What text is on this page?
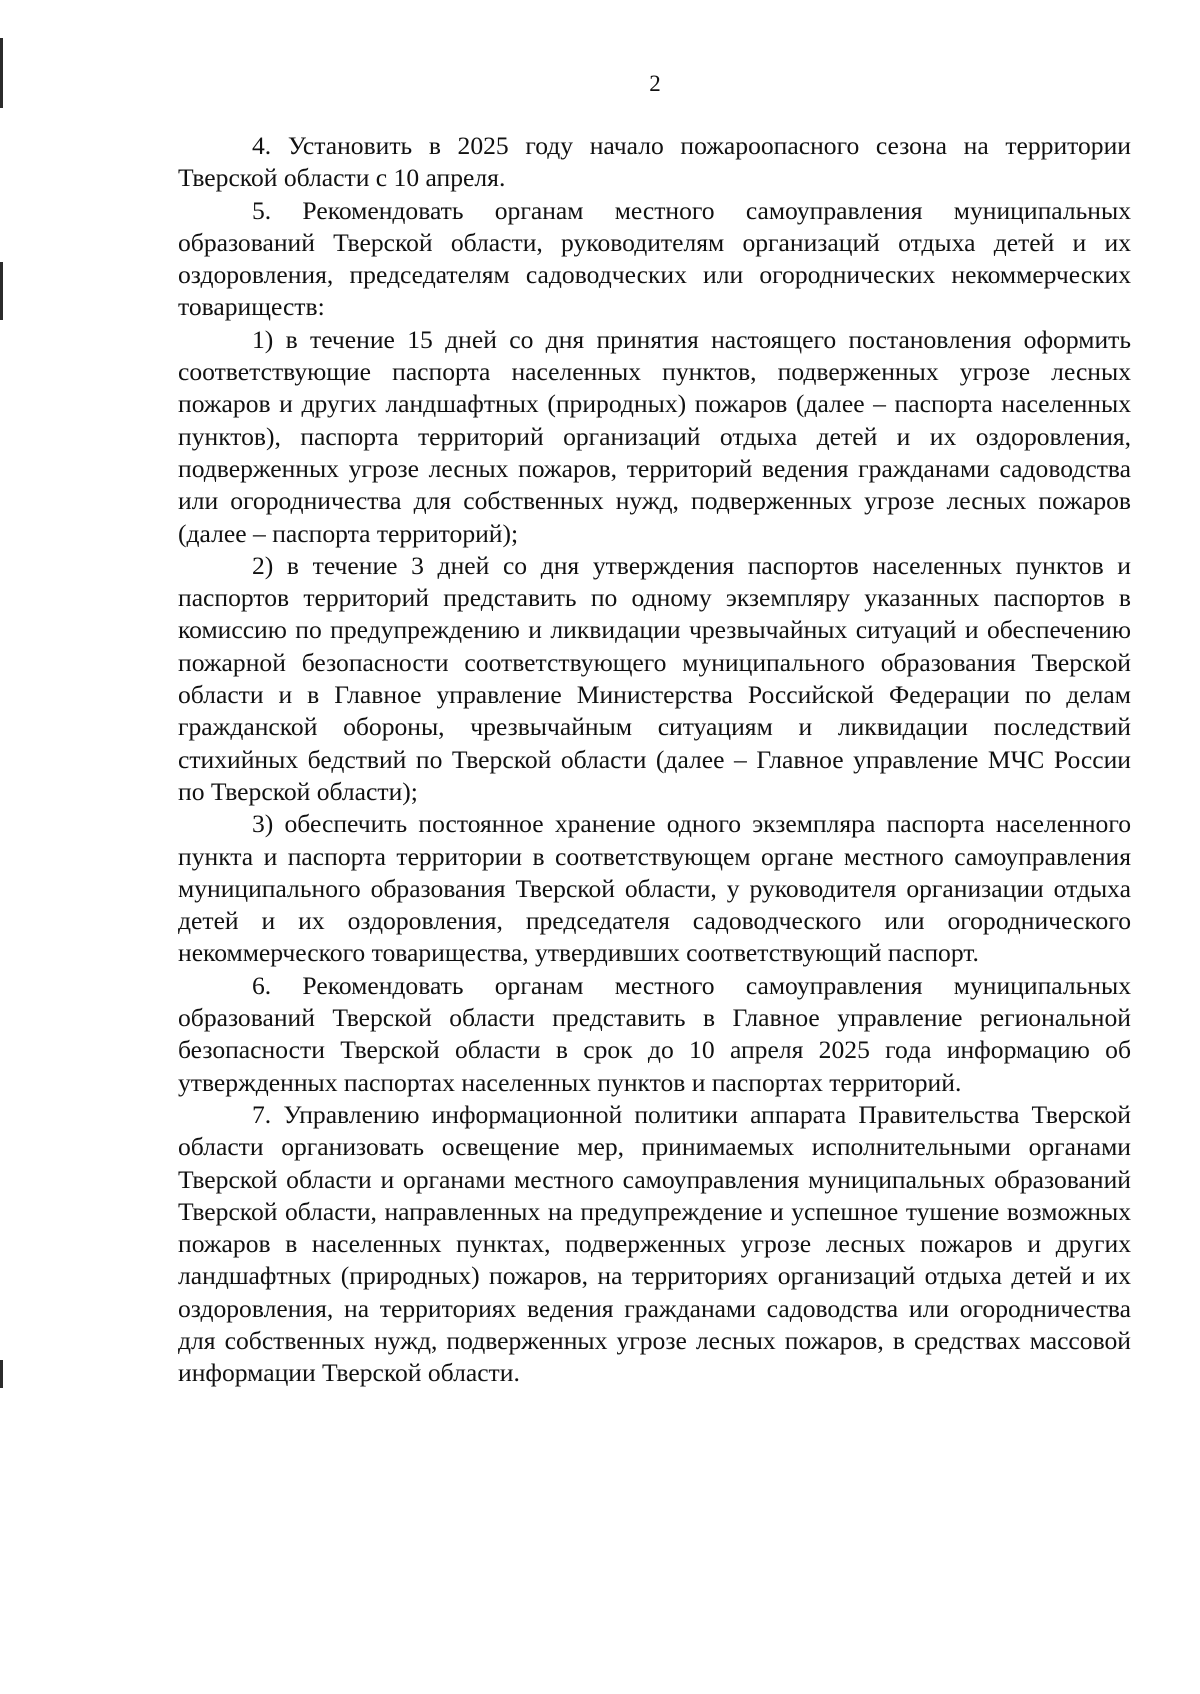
2

4. Установить в 2025 году начало пожароопасного сезона на территории Тверской области с 10 апреля.

5. Рекомендовать органам местного самоуправления муниципальных образований Тверской области, руководителям организаций отдыха детей и их оздоровления, председателям садоводческих или огороднических некоммерческих товариществ:

1) в течение 15 дней со дня принятия настоящего постановления оформить соответствующие паспорта населенных пунктов, подверженных угрозе лесных пожаров и других ландшафтных (природных) пожаров (далее – паспорта населенных пунктов), паспорта территорий организаций отдыха детей и их оздоровления, подверженных угрозе лесных пожаров, территорий ведения гражданами садоводства или огородничества для собственных нужд, подверженных угрозе лесных пожаров (далее – паспорта территорий);

2) в течение 3 дней со дня утверждения паспортов населенных пунктов и паспортов территорий представить по одному экземпляру указанных паспортов в комиссию по предупреждению и ликвидации чрезвычайных ситуаций и обеспечению пожарной безопасности соответствующего муниципального образования Тверской области и в Главное управление Министерства Российской Федерации по делам гражданской обороны, чрезвычайным ситуациям и ликвидации последствий стихийных бедствий по Тверской области (далее – Главное управление МЧС России по Тверской области);

3) обеспечить постоянное хранение одного экземпляра паспорта населенного пункта и паспорта территории в соответствующем органе местного самоуправления муниципального образования Тверской области, у руководителя организации отдыха детей и их оздоровления, председателя садоводческого или огороднического некоммерческого товарищества, утвердивших соответствующий паспорт.

6. Рекомендовать органам местного самоуправления муниципальных образований Тверской области представить в Главное управление региональной безопасности Тверской области в срок до 10 апреля 2025 года информацию об утвержденных паспортах населенных пунктов и паспортах территорий.

7. Управлению информационной политики аппарата Правительства Тверской области организовать освещение мер, принимаемых исполнительными органами Тверской области и органами местного самоуправления муниципальных образований Тверской области, направленных на предупреждение и успешное тушение возможных пожаров в населенных пунктах, подверженных угрозе лесных пожаров и других ландшафтных (природных) пожаров, на территориях организаций отдыха детей и их оздоровления, на территориях ведения гражданами садоводства или огородничества для собственных нужд, подверженных угрозе лесных пожаров, в средствах массовой информации Тверской области.
